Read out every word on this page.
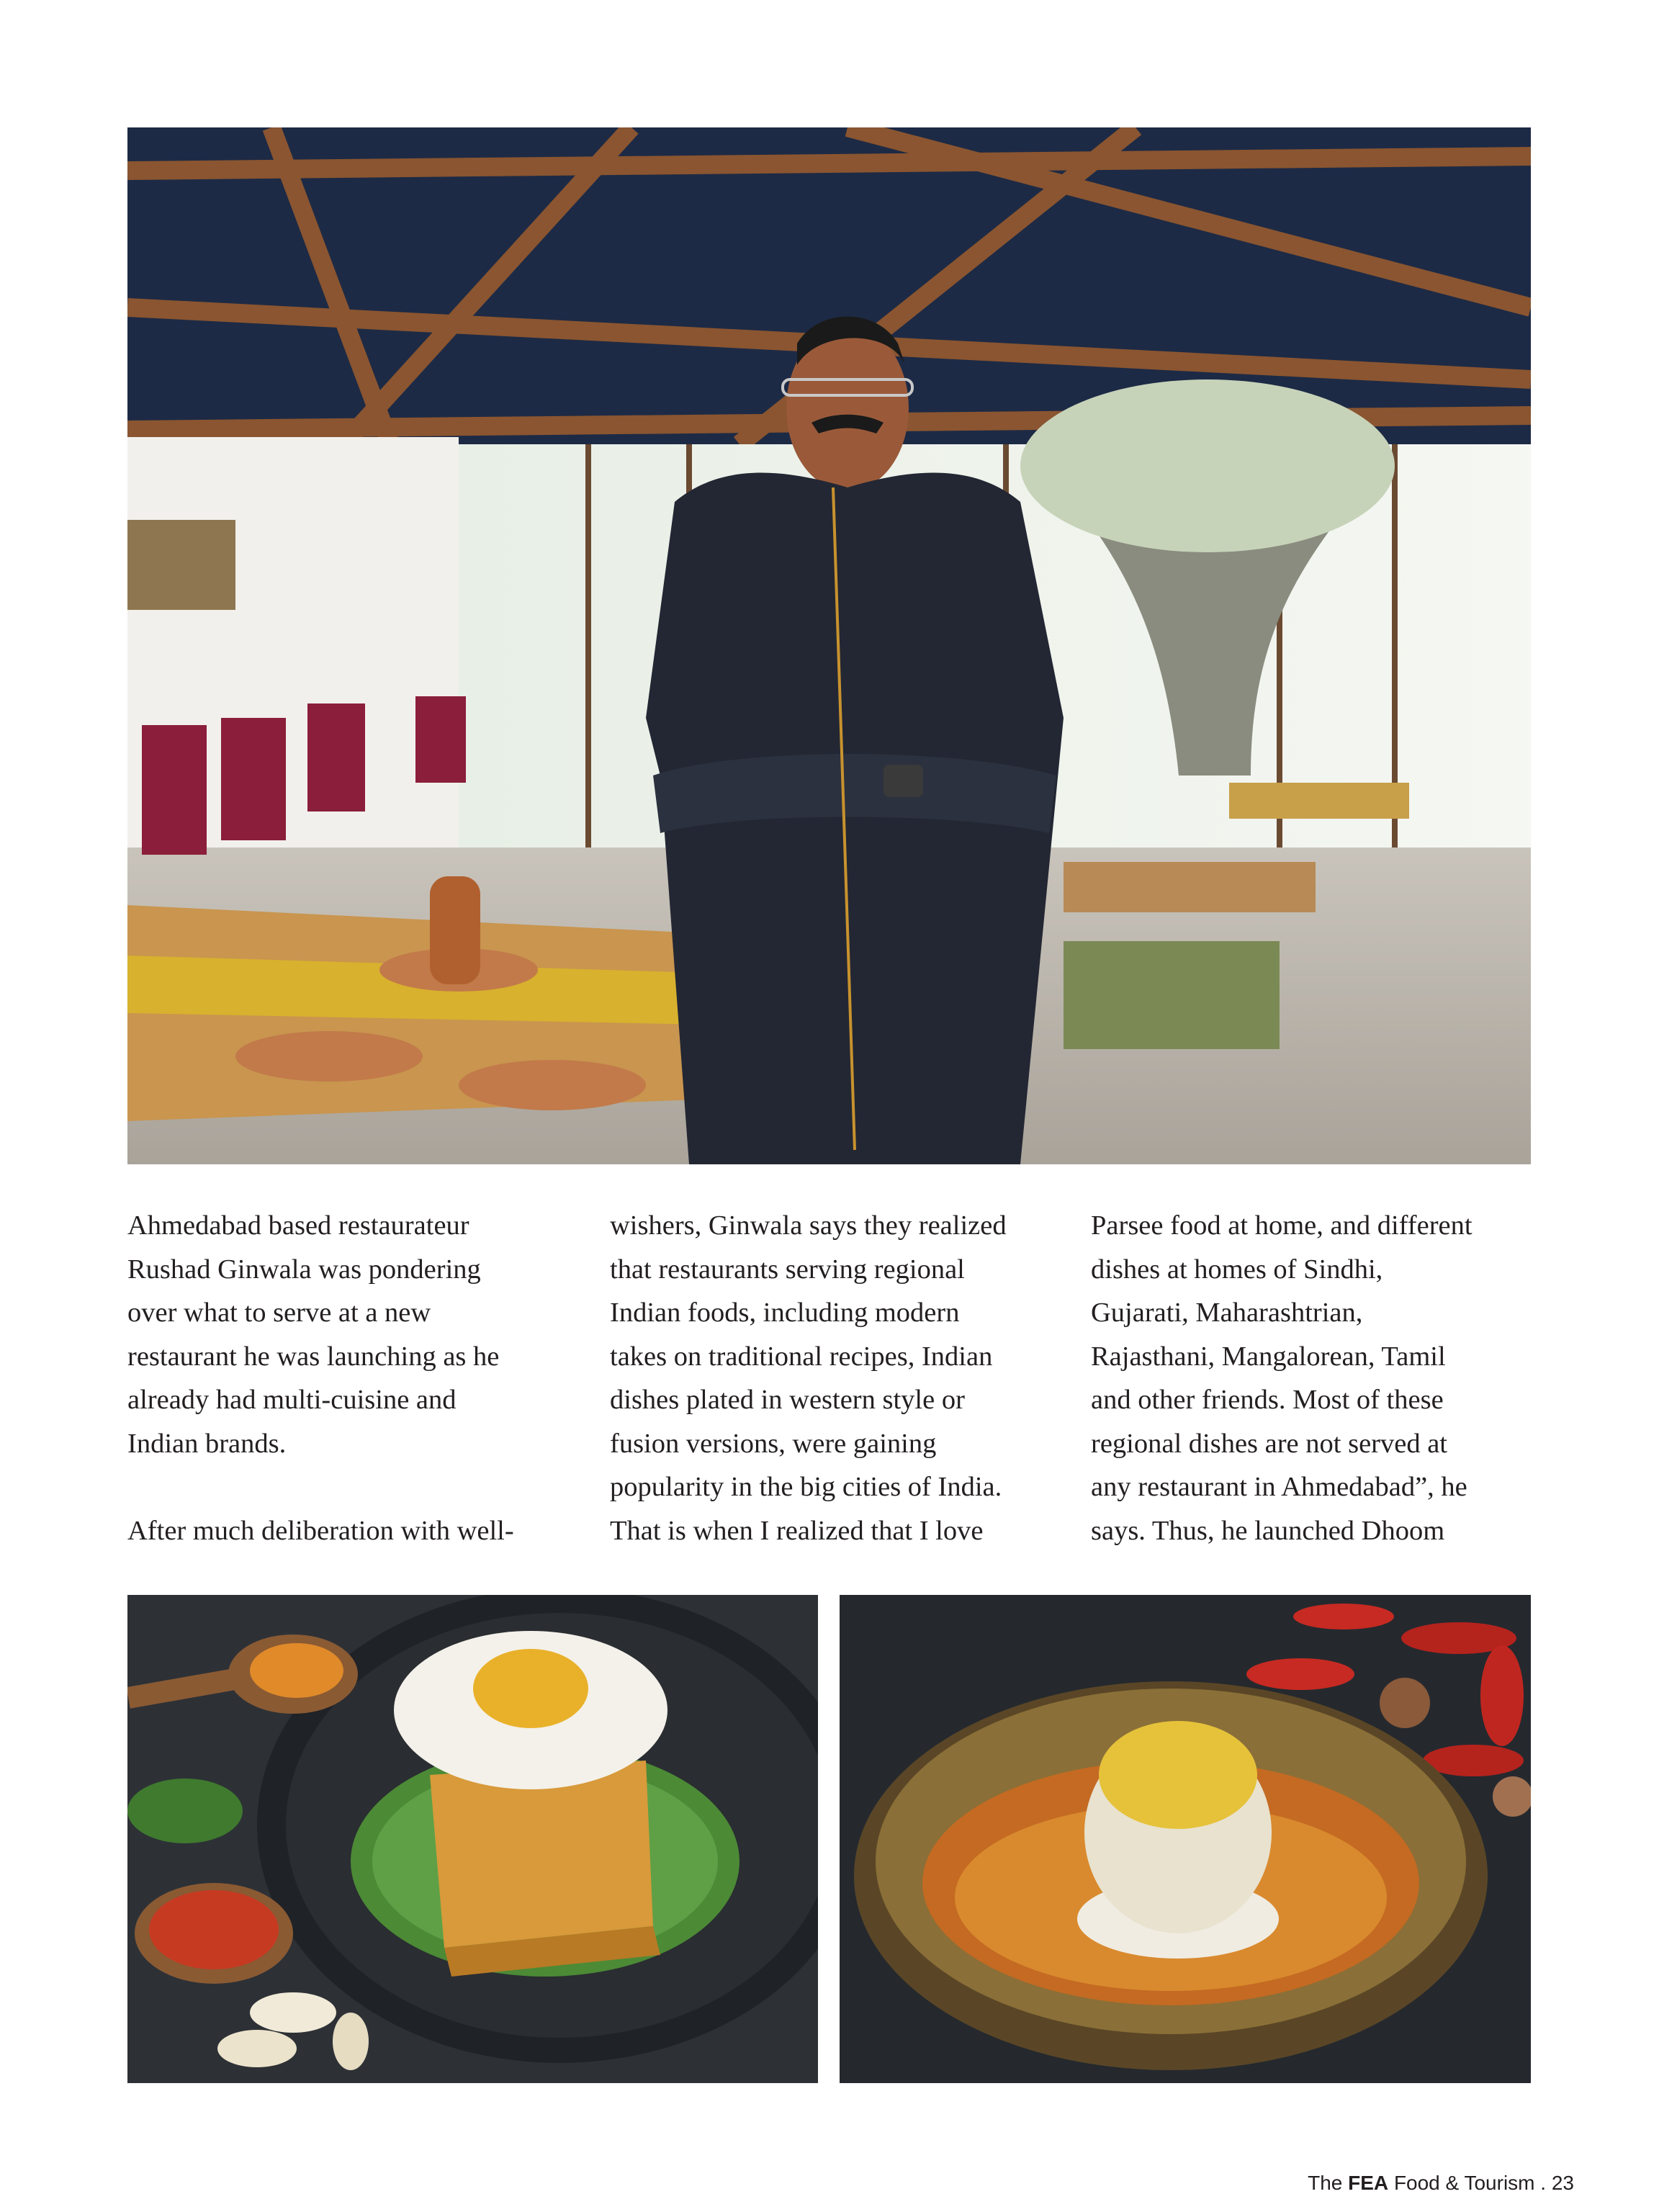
Ahmedabad based restaurateur
Rushad Ginwala was pondering
over what to serve at a new
restaurant he was launching as he
already had multi-cuisine and
Indian brands.
After much deliberation with well-
wishers, Ginwala says they realized
that restaurants serving regional
Indian foods, including modern
takes on traditional recipes, Indian
dishes plated in western style or
fusion versions, were gaining
popularity in the big cities of India.
That is when I realized that I love
Parsee food at home, and different
dishes at homes of Sindhi,
Gujarati, Maharashtrian,
Rajasthani, Mangalorean, Tamil
and other friends. Most of these
regional dishes are not served at
any restaurant in Ahmedabad”, he
says. Thus, he launched Dhoom
The FEA Food & Tourism . 23
